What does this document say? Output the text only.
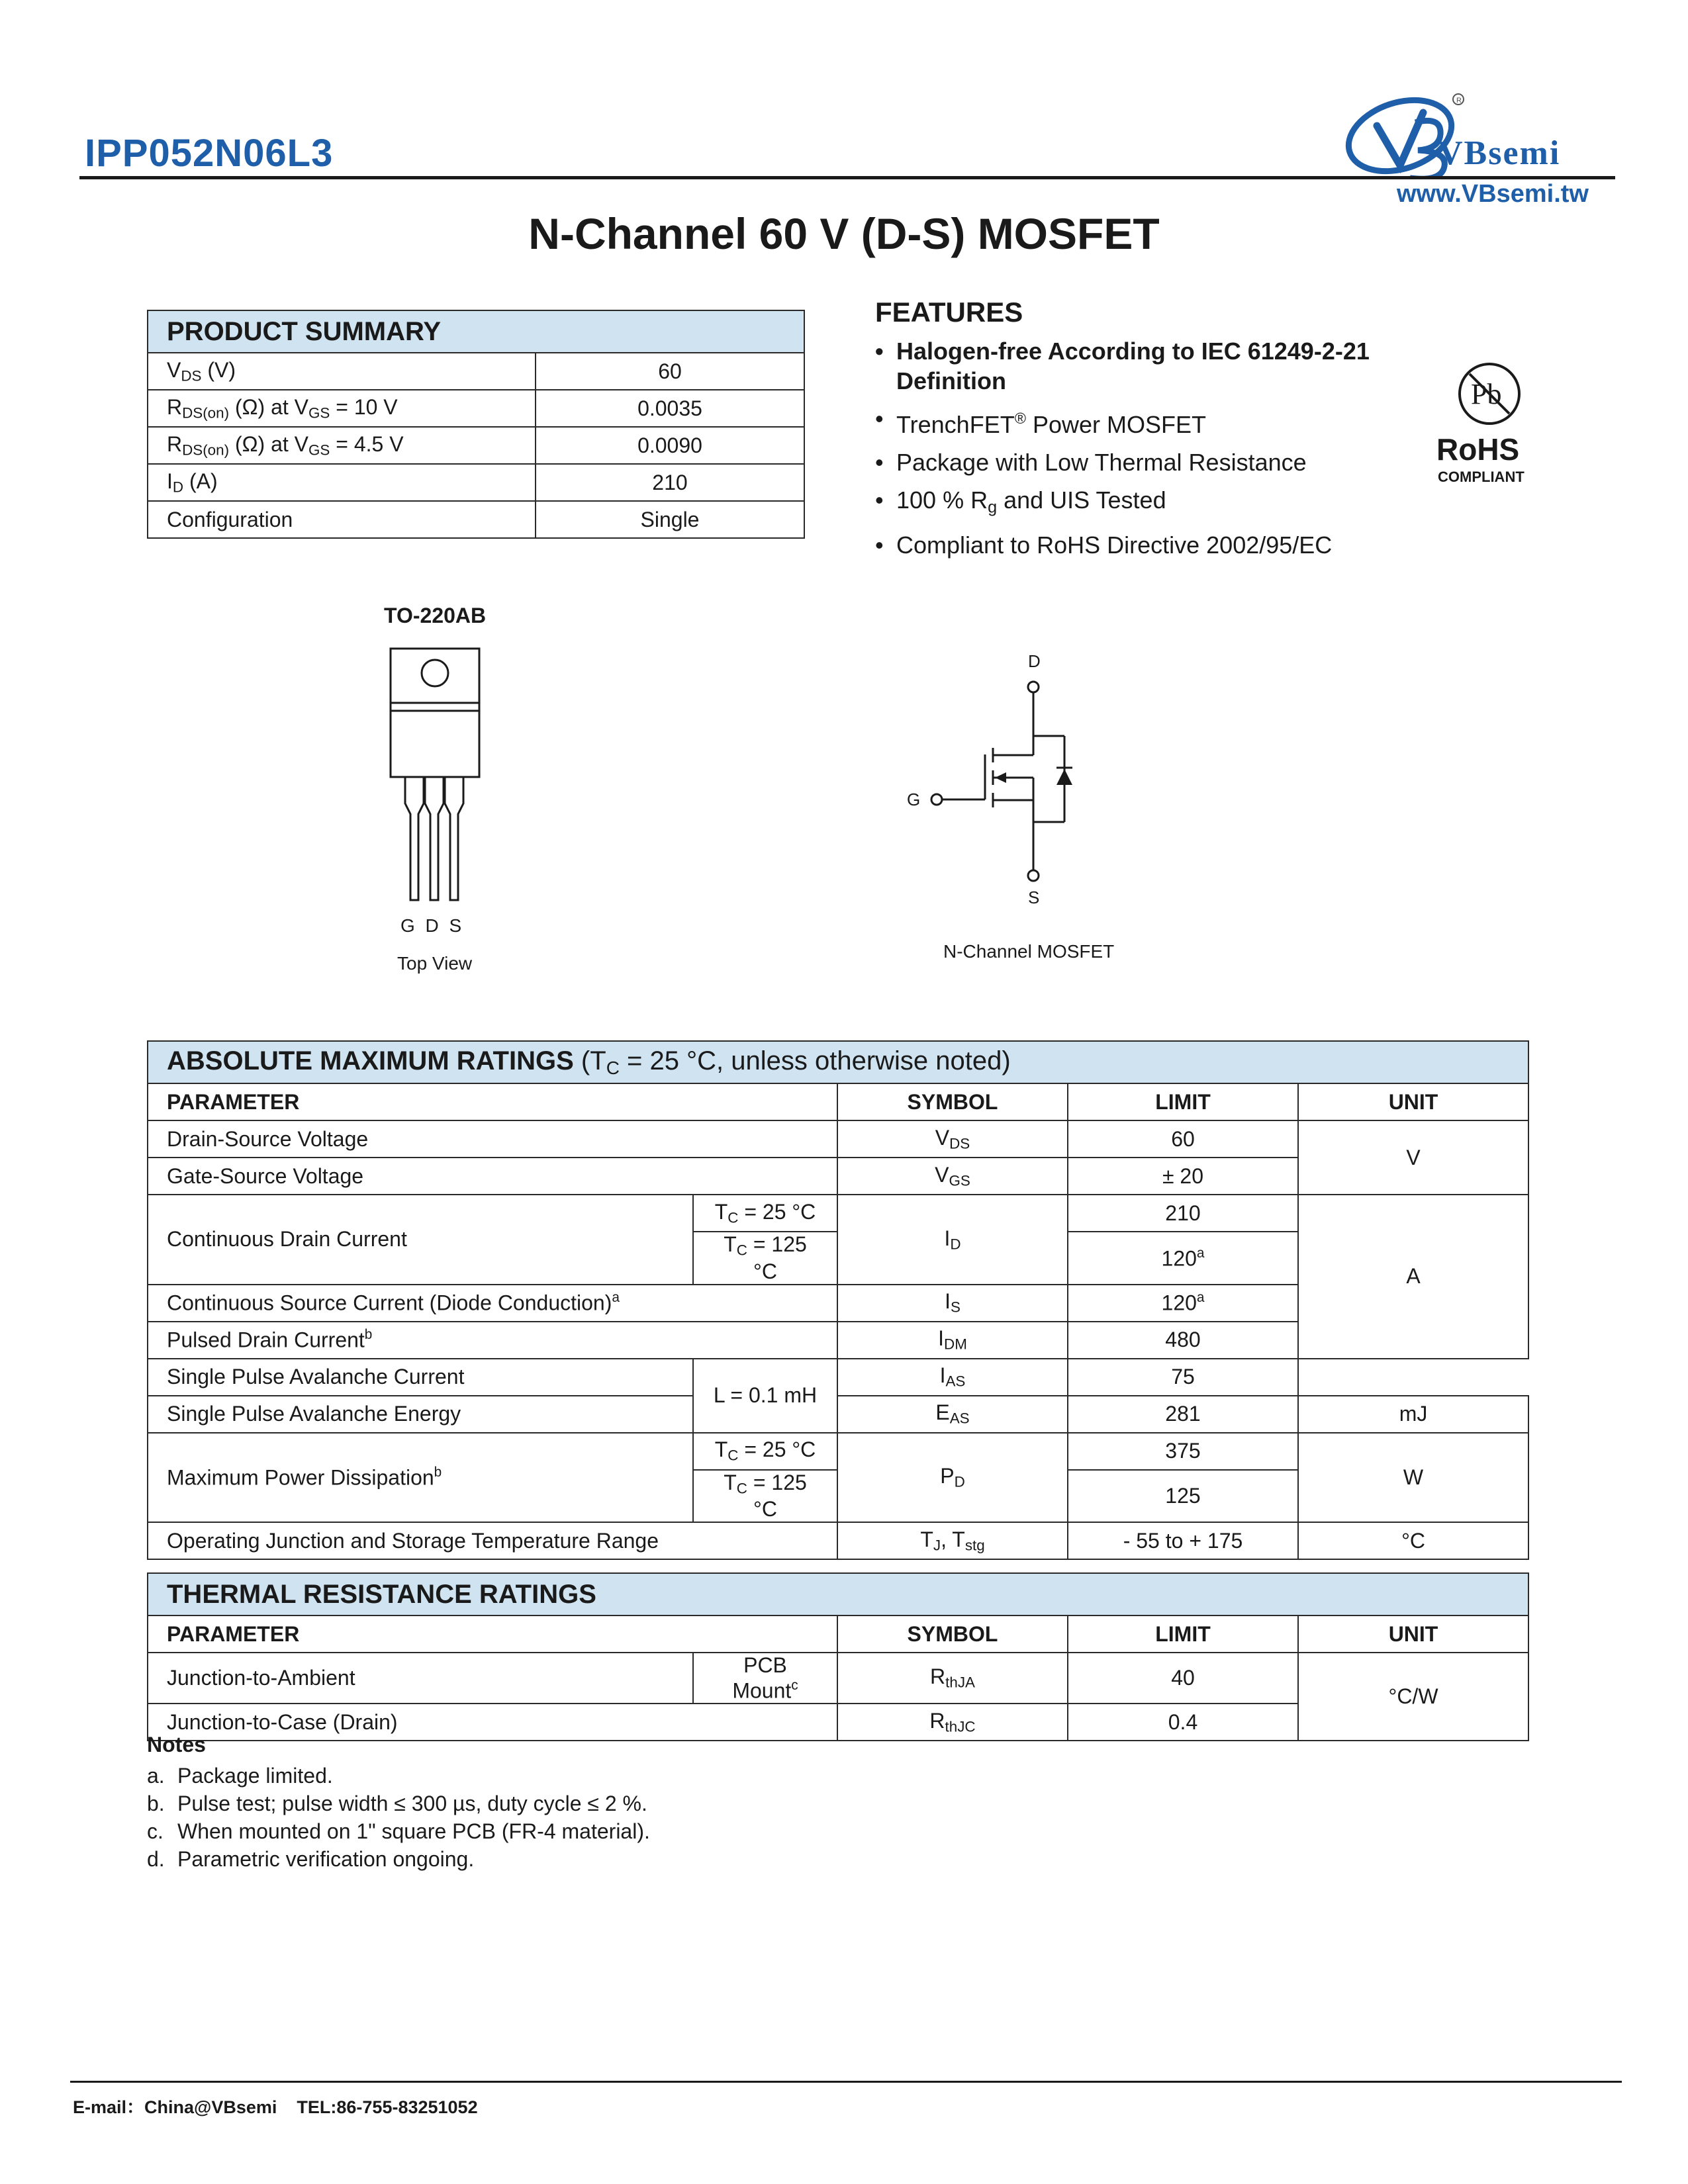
IPP052N06L3
R
VBsemi
www.VBsemi.tw
N-Channel 60 V (D-S) MOSFET
PRODUCT SUMMARY	
$V_{DS}$ (V)	60
$R_{DS(on)}$ (Ω) at $V_{GS} = 10$ V	0.0035
$R_{DS(on)}$ (Ω) at $V_{GS} = 4.5$ V	0.0090
$I_D$ (A)	210
Configuration	Single
FEATURES
• Halogen-free According to IEC 61249-2-21 Definition
• TrenchFET® Power MOSFET
• Package with Low Thermal Resistance
• 100 % $R_g$ and UIS Tested
• Compliant to RoHS Directive 2002/95/EC
Pb
RoHS
COMPLIANT
TO-220AB
G D S
Top View
D
G
S
N-Channel MOSFET
ABSOLUTE MAXIMUM RATINGS ($T_C = 25$ °C, unless otherwise noted)				
PARAMETER		SYMBOL	LIMIT	UNIT
Drain-Source Voltage		$V_{DS}$	60	V
Gate-Source Voltage		$V_{GS}$	± 20	
Continuous Drain Current	$T_C = 25$ °C	$I_D$	210	A
	$T_C = 125$ °C		120$^a$
Continuous Source Current (Diode Conduction)$^a$		$I_S$	120$^a$
Pulsed Drain Current$^b$		$I_{DM}$	480	
Single Pulse Avalanche Current	L = 0.1 mH	$I_{AS}$	75	
Single Pulse Avalanche Energy		$E_{AS}$	281	mJ
Maximum Power Dissipation$^b$	$T_C = 25$ °C	$P_D$	375	W
	$T_C = 125$ °C		125	
Operating Junction and Storage Temperature Range		$T_J$, $T_{stg}$	- 55 to + 175	°C
THERMAL RESISTANCE RATINGS				
PARAMETER		SYMBOL	LIMIT	UNIT
Junction-to-Ambient	PCB Mount$^c$	$R_{thJA}$	40	°C/W
Junction-to-Case (Drain)		$R_{thJC}$	0.4	
Notes
a. Package limited.
b. Pulse test; pulse width ≤ 300 µs, duty cycle ≤ 2 %.
c. When mounted on 1" square PCB (FR-4 material).
d. Parametric verification ongoing.
E-mail：China@VBsemi    TEL:86-755-83251052
